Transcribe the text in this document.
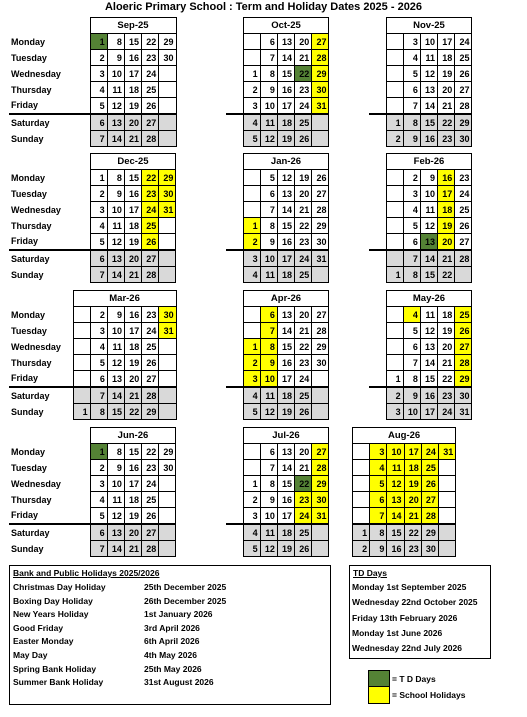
Aloeric Primary School : Term and Holiday Dates 2025 - 2026
		Sep-25				
Monday		1	8	15	22	29
Tuesday		2	9	16	23	30
Wednesday		3	10	17	24	
Thursday		4	11	18	25	
Friday		5	12	19	26	
Saturday		6	13	20	27	
Sunday		7	14	21	28	
	Oct-25				
		6	13	20	27
		7	14	21	28
	1	8	15	22	29
	2	9	16	23	30
	3	10	17	24	31
	4	11	18	25	
	5	12	19	26	
	Nov-25				
		3	10	17	24
		4	11	18	25
		5	12	19	26
		6	13	20	27
		7	14	21	28
	1	8	15	22	29
	2	9	16	23	30
		Dec-25				
Monday		1	8	15	22	29
Tuesday		2	9	16	23	30
Wednesday		3	10	17	24	31
Thursday		4	11	18	25	
Friday		5	12	19	26	
Saturday		6	13	20	27	
Sunday		7	14	21	28	
	Jan-26				
		5	12	19	26
		6	13	20	27
		7	14	21	28
	1	8	15	22	29
	2	9	16	23	30
	3	10	17	24	31
	4	11	18	25	
	Feb-26				
		2	9	16	23
		3	10	17	24
		4	11	18	25
		5	12	19	26
		6	13	20	27
		7	14	21	28
	1	8	15	22	
	Mar-26					
Monday		2	9	16	23	30
Tuesday		3	10	17	24	31
Wednesday		4	11	18	25	
Thursday		5	12	19	26	
Friday		6	13	20	27	
Saturday		7	14	21	28	
Sunday	1	8	15	22	29	
	Apr-26				
		6	13	20	27
		7	14	21	28
	1	8	15	22	29
	2	9	16	23	30
	3	10	17	24	
	4	11	18	25	
	5	12	19	26	
	May-26				
		4	11	18	25
		5	12	19	26
		6	13	20	27
		7	14	21	28
	1	8	15	22	29
	2	9	16	23	30
	3	10	17	24	31
		Jun-26				
Monday		1	8	15	22	29
Tuesday		2	9	16	23	30
Wednesday		3	10	17	24	
Thursday		4	11	18	25	
Friday		5	12	19	26	
Saturday		6	13	20	27	
Sunday		7	14	21	28	
	Jul-26				
		6	13	20	27
		7	14	21	28
	1	8	15	22	29
	2	9	16	23	30
	3	10	17	24	31
	4	11	18	25	
	5	12	19	26	
Aug-26					
	3	10	17	24	31
	4	11	18	25	
	5	12	19	26	
	6	13	20	27	
	7	14	21	28	
1	8	15	22	29	
2	9	16	23	30	
Bank and Public Holidays 2025/2026
Christmas Day Holiday	25th December 2025
Boxing Day Holiday	26th December 2025
New Years Holiday	1st January 2026
Good Friday	3rd April 2026
Easter Monday	6th April 2026
May Day	4th May 2026
Spring Bank Holiday	25th May 2026
Summer Bank Holiday	31st August 2026
TD Days
Monday 1st September 2025
Wednesday 22nd October 2025
Friday 13th February 2026
Monday 1st June 2026
Wednesday 22nd July 2026
= T D Days
= School Holidays
